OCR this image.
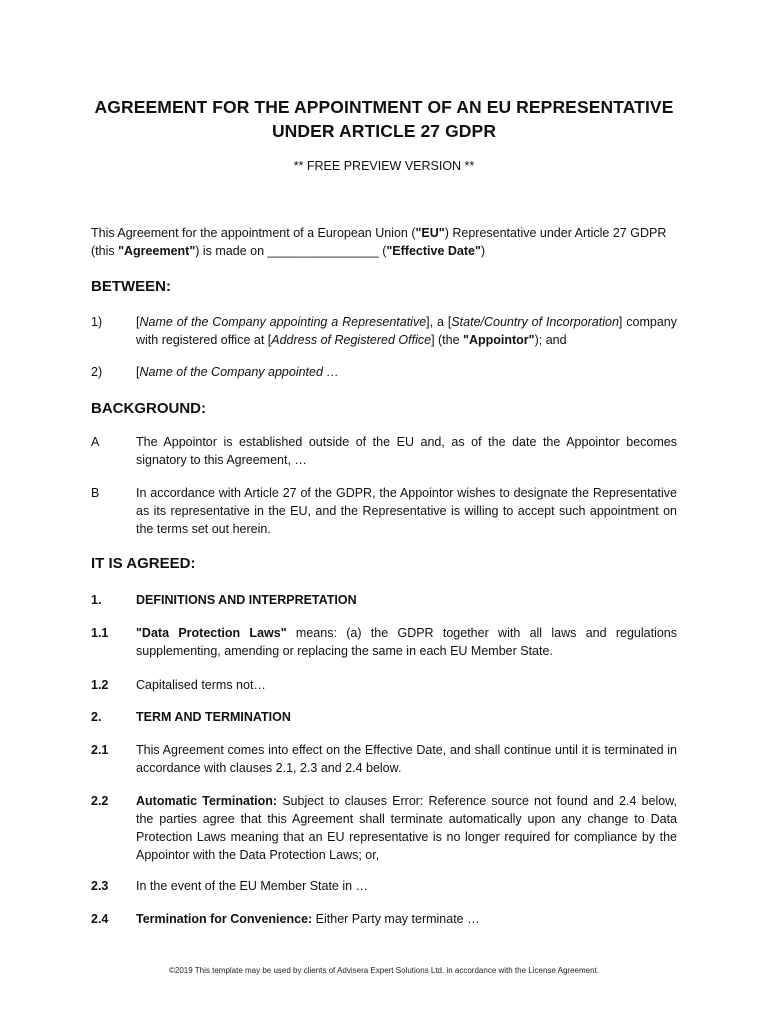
AGREEMENT FOR THE APPOINTMENT OF AN EU REPRESENTATIVE
UNDER ARTICLE 27 GDPR
** FREE PREVIEW VERSION **
This Agreement for the appointment of a European Union ("EU") Representative under Article 27 GDPR (this "Agreement") is made on ________________ ("Effective Date")
BETWEEN:
1)	[Name of the Company appointing a Representative], a [State/Country of Incorporation] company with registered office at [Address of Registered Office] (the "Appointor"); and
2)	[Name of the Company appointed …
BACKGROUND:
A	The Appointor is established outside of the EU and, as of the date the Appointor becomes signatory to this Agreement, …
B	In accordance with Article 27 of the GDPR, the Appointor wishes to designate the Representative as its representative in the EU, and the Representative is willing to accept such appointment on the terms set out herein.
IT IS AGREED:
1.	DEFINITIONS AND INTERPRETATION
1.1 "Data Protection Laws" means: (a) the GDPR together with all laws and regulations supplementing, amending or replacing the same in each EU Member State.
1.2 Capitalised terms not…
2.	TERM AND TERMINATION
2.1 This Agreement comes into effect on the Effective Date, and shall continue until it is terminated in accordance with clauses 2.1, 2.3 and 2.4 below.
2.2 Automatic Termination: Subject to clauses Error: Reference source not found and 2.4 below, the parties agree that this Agreement shall terminate automatically upon any change to Data Protection Laws meaning that an EU representative is no longer required for compliance by the Appointor with the Data Protection Laws; or,
2.3 In the event of the EU Member State in …
2.4 Termination for Convenience: Either Party may terminate …
©2019 This template may be used by clients of Advisera Expert Solutions Ltd. in accordance with the License Agreement.
